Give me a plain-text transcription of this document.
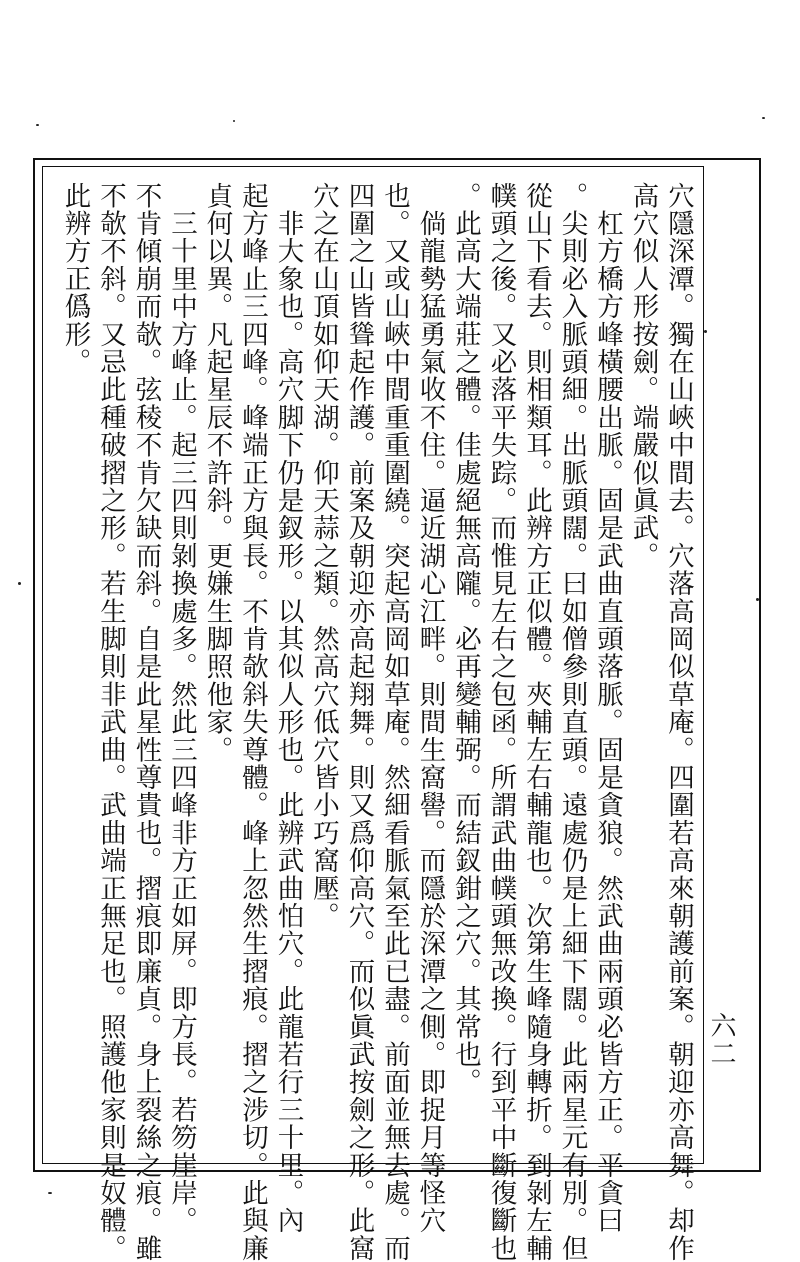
穴隱深潭。獨在山峽中間去。穴落高岡似草庵。四圍若高來朝護前案。朝迎亦高舞。却作
高穴似人形按劍。端嚴似眞武。
　杠方橋方峰橫腰出脈。固是武曲直頭落脈。固是貪狼。然武曲兩頭必皆方正。平貪曰
。尖則必入脈頭細。出脈頭闊。曰如僧參則直頭。遠處仍是上細下闊。此兩星元有別。但
從山下看去。則相類耳。此辨方正似體。夾輔左右輔龍也。次第生峰隨身轉折。到剝左輔
幞頭之後。又必落平失踪。而惟見左右之包函。所謂武曲幞頭無改換。行到平中斷復斷也
。此高大端莊之體。佳處絕無高隴。必再變輔弼。而結釵鉗之穴。其常也。
　倘龍勢猛勇氣收不住。逼近湖心江畔。則間生窩嚳。而隱於深潭之側。即捉月等怪穴
也。又或山峽中間重重圍繞。突起高岡如草庵。然細看脈氣至此已盡。前面並無去處。而
四圍之山皆聳起作護。前案及朝迎亦高起翔舞。則又爲仰高穴。而似眞武按劍之形。此窩
穴之在山頂如仰天湖。仰天蒜之類。然高穴低穴皆小巧窩壓。
　非大象也。高穴脚下仍是釵形。以其似人形也。此辨武曲怕穴。此龍若行三十里。內
起方峰止三四峰。峰端正方與長。不肯欹斜失尊體。峰上忽然生摺痕。摺之涉切。此與廉
貞何以異。凡起星辰不許斜。更嫌生脚照他家。
　三十里中方峰止。起三四則剝換處多。然此三四峰非方正如屏。即方長。若笏崖岸。
不肯傾崩而欹。弦稜不肯欠缺而斜。自是此星性尊貴也。摺痕即廉貞。身上裂絲之痕。雖
不欹不斜。又忌此種破摺之形。若生脚則非武曲。武曲端正無足也。照護他家則是奴體。
此辨方正僞形。
六二
